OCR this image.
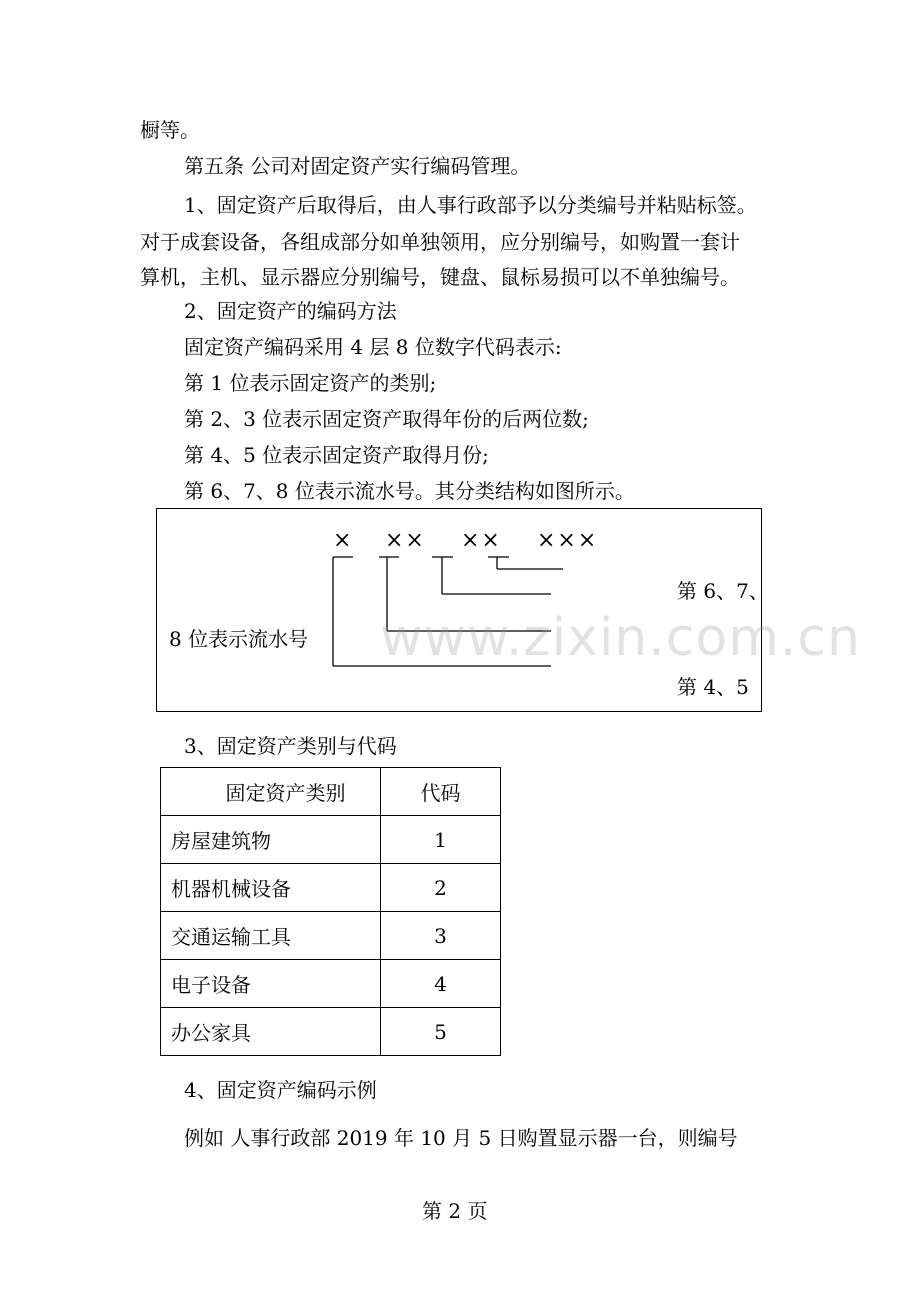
橱等。
第五条 公司对固定资产实行编码管理。
1、固定资产后取得后，由人事行政部予以分类编号并粘贴标签。
对于成套设备，各组成部分如单独领用，应分别编号，如购置一套计
算机，主机、显示器应分别编号，键盘、鼠标易损可以不单独编号。
2、固定资产的编码方法
固定资产编码采用 4 层 8 位数字代码表示:
第 1 位表示固定资产的类别;
第 2、3 位表示固定资产取得年份的后两位数;
第 4、5 位表示固定资产取得月份;
第 6、7、8 位表示流水号。其分类结构如图所示。
× ×× ×× ×××
第 6、7、
8 位表示流水号
第 4、5
www.zixin.com.cn
3、固定资产类别与代码
固定资产类别	代码
房屋建筑物	1
机器机械设备	2
交通运输工具	3
电子设备	4
办公家具	5
4、固定资产编码示例
例如 人事行政部 2019 年 10 月 5 日购置显示器一台，则编号
第 2 页
